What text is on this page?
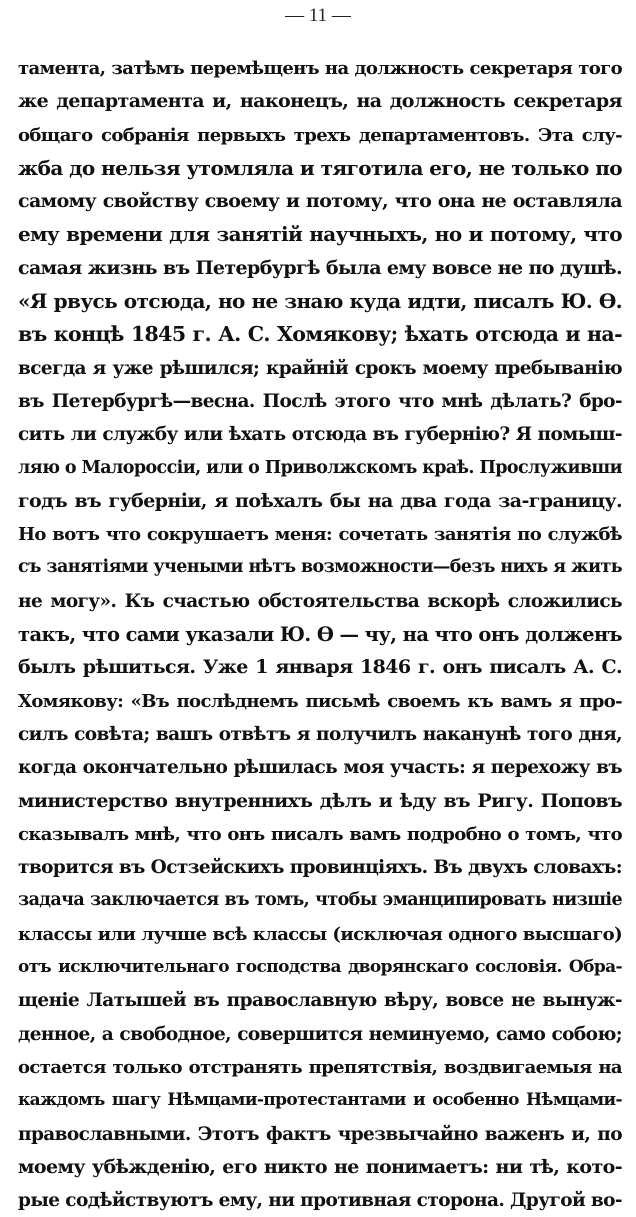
— 11 —
тамента, затѣмъ перемѣщенъ на должность секретаря того
же департамента и, наконецъ, на должность секретаря
общаго собранія первыхъ трехъ департаментовъ. Эта слу-
жба до нельзя утомляла и тяготила его, не только по
самому свойству своему и потому, что она не оставляла
ему времени для занятій научныхъ, но и потому, что
самая жизнь въ Петербургѣ была ему вовсе не по душѣ.
«Я рвусь отсюда, но не знаю куда идти, писалъ Ю. Ѳ.
въ концѣ 1845 г. А. С. Хомякову; ѣхать отсюда и на-
всегда я уже рѣшился; крайній срокъ моему пребыванію
въ Петербургѣ—весна. Послѣ этого что мнѣ дѣлать? бро-
сить ли службу или ѣхать отсюда въ губернію? Я помыш-
ляю о Малороссіи, или о Приволжскомъ краѣ. Прослуживши
годъ въ губерніи, я поѣхалъ бы на два года за-границу.
Но вотъ что сокрушаетъ меня: сочетать занятія по службѣ
съ занятіями учеными нѣтъ возможности—безъ нихъ я жить
не могу». Къ счастью обстоятельства вскорѣ сложились
такъ, что сами указали Ю. Ѳ — чу, на что онъ долженъ
былъ рѣшиться. Уже 1 января 1846 г. онъ писалъ А. С.
Хомякову: «Въ послѣднемъ письмѣ своемъ къ вамъ я про-
силъ совѣта; вашъ отвѣтъ я получилъ наканунѣ того дня,
когда окончательно рѣшилась моя участь: я перехожу въ
министерство внутреннихъ дѣлъ и ѣду въ Ригу. Поповъ
сказывалъ мнѣ, что онъ писалъ вамъ подробно о томъ, что
творится въ Остзейскихъ провинціяхъ. Въ двухъ словахъ:
задача заключается въ томъ, чтобы эманципировать низшіе
классы или лучше всѣ классы (исключая одного высшаго)
отъ исключительнаго господства дворянскаго сословія. Обра-
щеніе Латышей въ православную вѣру, вовсе не вынуж-
денное, а свободное, совершится неминуемо, само собою;
остается только отстранять препятствія, воздвигаемыя на
каждомъ шагу Нѣмцами-протестантами и особенно Нѣмцами-
православными. Этотъ фактъ чрезвычайно важенъ и, по
моему убѣжденію, его никто не понимаетъ: ни тѣ, кото-
рые содѣйствуютъ ему, ни противная сторона. Другой во-
